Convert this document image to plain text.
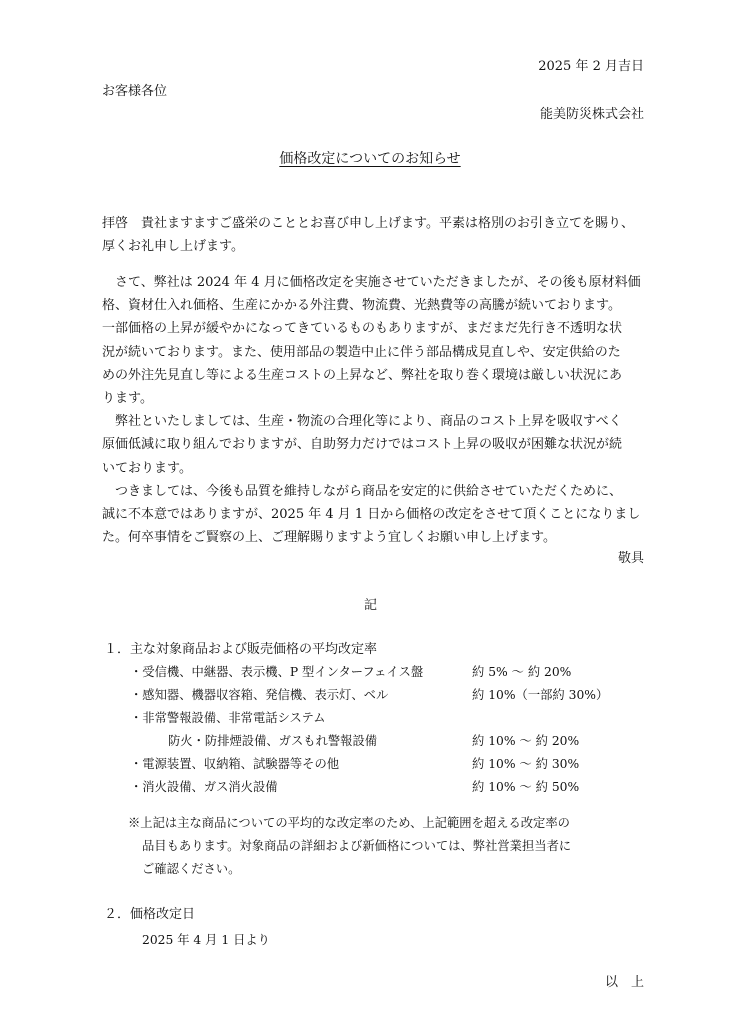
2025 年 2 月吉日
お客様各位
能美防災株式会社
価格改定についてのお知らせ

拝啓　貴社ますますご盛栄のこととお喜び申し上げます。平素は格別のお引き立てを賜り、

厚くお礼申し上げます。

　さて、弊社は 2024 年 4 月に価格改定を実施させていただきましたが、その後も原材料価

格、資材仕入れ価格、生産にかかる外注費、物流費、光熱費等の高騰が続いております。

一部価格の上昇が緩やかになってきているものもありますが、まだまだ先行き不透明な状

況が続いております。また、使用部品の製造中止に伴う部品構成見直しや、安定供給のた

めの外注先見直し等による生産コストの上昇など、弊社を取り巻く環境は厳しい状況にあ

ります。

　弊社といたしましては、生産・物流の合理化等により、商品のコスト上昇を吸収すべく

原価低減に取り組んでおりますが、自助努力だけではコスト上昇の吸収が困難な状況が続

いております。

　つきましては、今後も品質を維持しながら商品を安定的に供給させていただくために、

誠に不本意ではありますが、2025 年 4 月 1 日から価格の改定をさせて頂くことになりまし

た。何卒事情をご賢察の上、ご理解賜りますよう宜しくお願い申し上げます。

敬具
記
１．主な対象商品および販売価格の平均改定率
・受信機、中継器、表示機、P 型インターフェイス盤	約 5% ～ 約 20%
・感知器、機器収容箱、発信機、表示灯、ベル	約 10%（一部約 30%）
・非常警報設備、非常電話システム
防火・防排煙設備、ガスもれ警報設備	約 10% ～ 約 20%
・電源装置、収納箱、試験器等その他	約 10% ～ 約 30%
・消火設備、ガス消火設備	約 10% ～ 約 50%
※上記は主な商品についての平均的な改定率のため、上記範囲を超える改定率の
品目もあります。対象商品の詳細および新価格については、弊社営業担当者に
ご確認ください。
２．価格改定日
2025 年 4 月 1 日より
以　上
